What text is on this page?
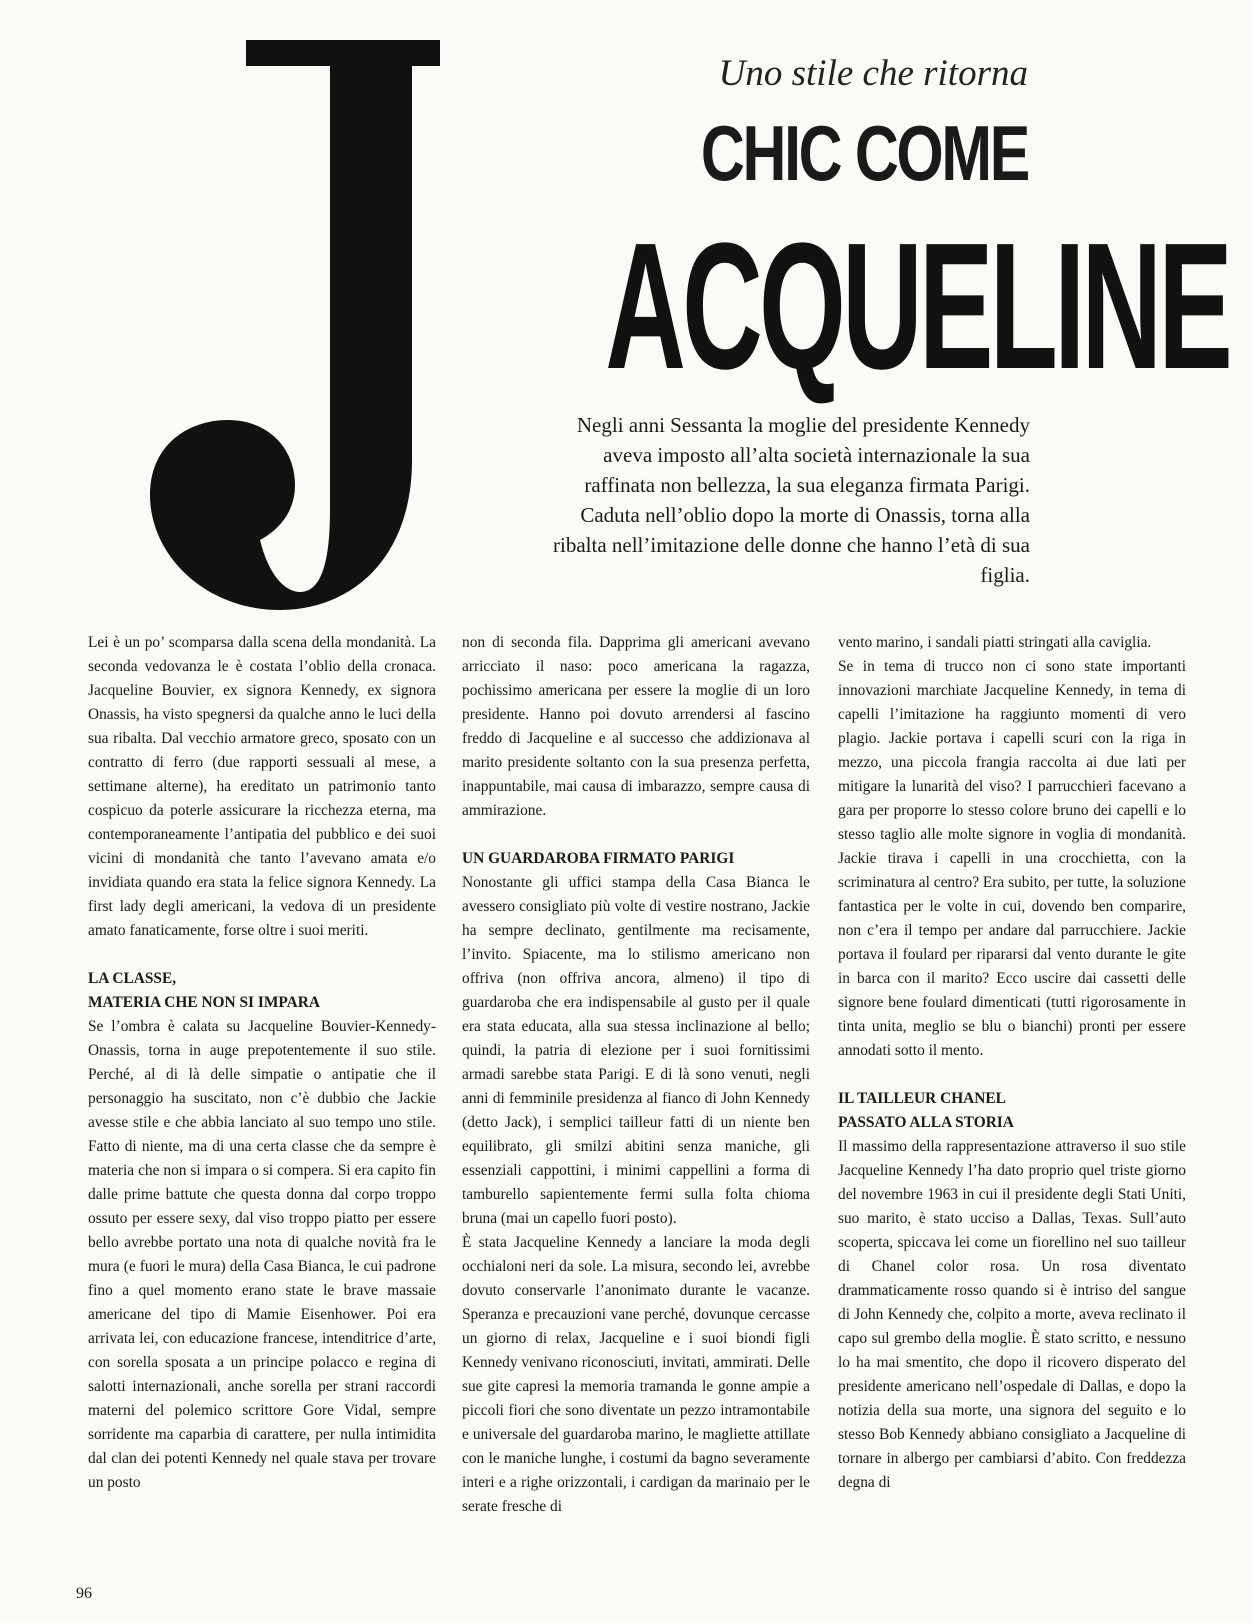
Uno stile che ritorna
CHIC COME
ACQUELINE
Negli anni Sessanta la moglie del presidente Kennedy aveva imposto all’alta società internazionale la sua raffinata non bellezza, la sua eleganza firmata Parigi. Caduta nell’oblio dopo la morte di Onassis, torna alla ribalta nell’imitazione delle donne che hanno l’età di sua figlia.

Lei è un po’ scomparsa dalla scena della mondanità. La seconda vedovanza le è costata l’oblio della cronaca. Jacqueline Bouvier, ex signora Kennedy, ex signora Onassis, ha visto spegnersi da qualche anno le luci della sua ribalta. Dal vecchio armatore greco, sposato con un contratto di ferro (due rapporti sessuali al mese, a settimane alterne), ha ereditato un patrimonio tanto cospicuo da poterle assicurare la ricchezza eterna, ma contemporaneamente l’antipatia del pubblico e dei suoi vicini di mondanità che tanto l’avevano amata e/o invidiata quando era stata la felice signora Kennedy. La first lady degli americani, la vedova di un presidente amato fanaticamente, forse oltre i suoi meriti.

LA CLASSE,
MATERIA CHE NON SI IMPARA

Se l’ombra è calata su Jacqueline Bouvier-Kennedy-Onassis, torna in auge prepotentemente il suo stile. Perché, al di là delle simpatie o antipatie che il personaggio ha suscitato, non c’è dubbio che Jackie avesse stile e che abbia lanciato al suo tempo uno stile. Fatto di niente, ma di una certa classe che da sempre è materia che non si impara o si compera. Si era capito fin dalle prime battute che questa donna dal corpo troppo ossuto per essere sexy, dal viso troppo piatto per essere bello avrebbe portato una nota di qualche novità fra le mura (e fuori le mura) della Casa Bianca, le cui padrone fino a quel momento erano state le brave massaie americane del tipo di Mamie Eisenhower. Poi era arrivata lei, con educazione francese, intenditrice d’arte, con sorella sposata a un principe polacco e regina di salotti internazionali, anche sorella per strani raccordi materni del polemico scrittore Gore Vidal, sempre sorridente ma caparbia di carattere, per nulla intimidita dal clan dei potenti Kennedy nel quale stava per trovare un posto

non di seconda fila. Dapprima gli americani avevano arricciato il naso: poco americana la ragazza, pochissimo americana per essere la moglie di un loro presidente. Hanno poi dovuto arrendersi al fascino freddo di Jacqueline e al successo che addizionava al marito presidente soltanto con la sua presenza perfetta, inappuntabile, mai causa di imbarazzo, sempre causa di ammirazione.

UN GUARDAROBA FIRMATO PARIGI

Nonostante gli uffici stampa della Casa Bianca le avessero consigliato più volte di vestire nostrano, Jackie ha sempre declinato, gentilmente ma recisamente, l’invito. Spiacente, ma lo stilismo americano non offriva (non offriva ancora, almeno) il tipo di guardaroba che era indispensabile al gusto per il quale era stata educata, alla sua stessa inclinazione al bello; quindi, la patria di elezione per i suoi fornitissimi armadi sarebbe stata Parigi. E di là sono venuti, negli anni di femminile presidenza al fianco di John Kennedy (detto Jack), i semplici tailleur fatti di un niente ben equilibrato, gli smilzi abitini senza maniche, gli essenziali cappottini, i minimi cappellini a forma di tamburello sapientemente fermi sulla folta chioma bruna (mai un capello fuori posto).

È stata Jacqueline Kennedy a lanciare la moda degli occhialoni neri da sole. La misura, secondo lei, avrebbe dovuto conservarle l’anonimato durante le vacanze. Speranza e precauzioni vane perché, dovunque cercasse un giorno di relax, Jacqueline e i suoi biondi figli Kennedy venivano riconosciuti, invitati, ammirati. Delle sue gite capresi la memoria tramanda le gonne ampie a piccoli fiori che sono diventate un pezzo intramontabile e universale del guardaroba marino, le magliette attillate con le maniche lunghe, i costumi da bagno severamente interi e a righe orizzontali, i cardigan da marinaio per le serate fresche di

vento marino, i sandali piatti stringati alla caviglia.

Se in tema di trucco non ci sono state importanti innovazioni marchiate Jacqueline Kennedy, in tema di capelli l’imitazione ha raggiunto momenti di vero plagio. Jackie portava i capelli scuri con la riga in mezzo, una piccola frangia raccolta ai due lati per mitigare la lunarità del viso? I parrucchieri facevano a gara per proporre lo stesso colore bruno dei capelli e lo stesso taglio alle molte signore in voglia di mondanità. Jackie tirava i capelli in una crocchietta, con la scriminatura al centro? Era subito, per tutte, la soluzione fantastica per le volte in cui, dovendo ben comparire, non c’era il tempo per andare dal parrucchiere. Jackie portava il foulard per ripararsi dal vento durante le gite in barca con il marito? Ecco uscire dai cassetti delle signore bene foulard dimenticati (tutti rigorosamente in tinta unita, meglio se blu o bianchi) pronti per essere annodati sotto il mento.

IL TAILLEUR CHANEL
PASSATO ALLA STORIA

Il massimo della rappresentazione attraverso il suo stile Jacqueline Kennedy l’ha dato proprio quel triste giorno del novembre 1963 in cui il presidente degli Stati Uniti, suo marito, è stato ucciso a Dallas, Texas. Sull’auto scoperta, spiccava lei come un fiorellino nel suo tailleur di Chanel color rosa. Un rosa diventato drammaticamente rosso quando si è intriso del sangue di John Kennedy che, colpito a morte, aveva reclinato il capo sul grembo della moglie. È stato scritto, e nessuno lo ha mai smentito, che dopo il ricovero disperato del presidente americano nell’ospedale di Dallas, e dopo la notizia della sua morte, una signora del seguito e lo stesso Bob Kennedy abbiano consigliato a Jacqueline di tornare in albergo per cambiarsi d’abito. Con freddezza degna di

96
